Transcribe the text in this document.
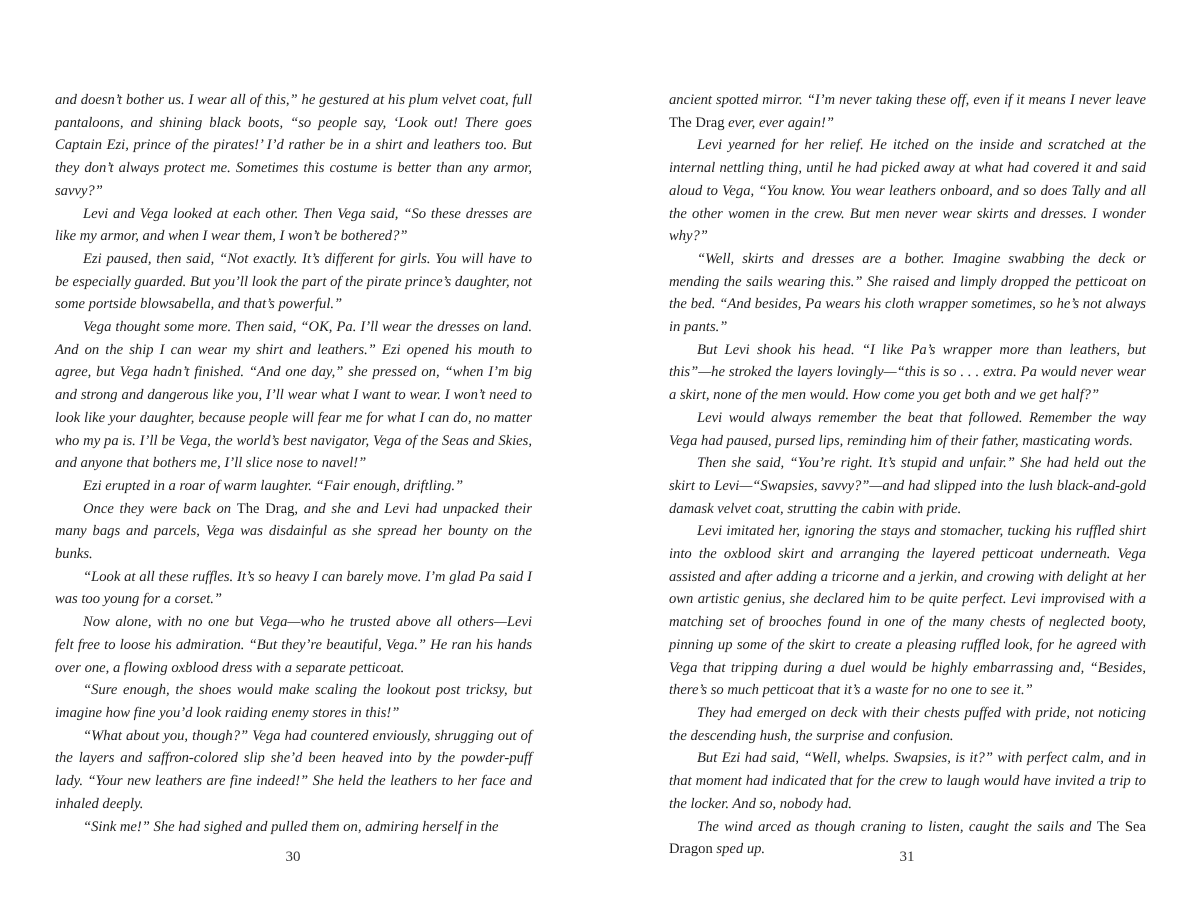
and doesn’t bother us. I wear all of this,” he gestured at his plum velvet coat, full pantaloons, and shining black boots, “so people say, ‘Look out! There goes Captain Ezi, prince of the pirates!’ I’d rather be in a shirt and leathers too. But they don’t always protect me. Sometimes this costume is better than any armor, savvy?”

Levi and Vega looked at each other. Then Vega said, “So these dresses are like my armor, and when I wear them, I won’t be bothered?”

Ezi paused, then said, “Not exactly. It’s different for girls. You will have to be especially guarded. But you’ll look the part of the pirate prince’s daughter, not some portside blowsabella, and that’s powerful.”

Vega thought some more. Then said, “OK, Pa. I’ll wear the dresses on land. And on the ship I can wear my shirt and leathers.” Ezi opened his mouth to agree, but Vega hadn’t finished. “And one day,” she pressed on, “when I’m big and strong and dangerous like you, I’ll wear what I want to wear. I won’t need to look like your daughter, because people will fear me for what I can do, no matter who my pa is. I’ll be Vega, the world’s best navigator, Vega of the Seas and Skies, and anyone that bothers me, I’ll slice nose to navel!”

Ezi erupted in a roar of warm laughter. “Fair enough, driftling.”

Once they were back on The Drag, and she and Levi had unpacked their many bags and parcels, Vega was disdainful as she spread her bounty on the bunks.

“Look at all these ruffles. It’s so heavy I can barely move. I’m glad Pa said I was too young for a corset.”

Now alone, with no one but Vega—who he trusted above all others—Levi felt free to loose his admiration. “But they’re beautiful, Vega.” He ran his hands over one, a flowing oxblood dress with a separate petticoat.

“Sure enough, the shoes would make scaling the lookout post tricksy, but imagine how fine you’d look raiding enemy stores in this!”

“What about you, though?” Vega had countered enviously, shrugging out of the layers and saffron-colored slip she’d been heaved into by the powder-puff lady. “Your new leathers are fine indeed!” She held the leathers to her face and inhaled deeply.

“Sink me!” She had sighed and pulled them on, admiring herself in the

ancient spotted mirror. “I’m never taking these off, even if it means I never leave The Drag ever, ever again!”

Levi yearned for her relief. He itched on the inside and scratched at the internal nettling thing, until he had picked away at what had covered it and said aloud to Vega, “You know. You wear leathers onboard, and so does Tally and all the other women in the crew. But men never wear skirts and dresses. I wonder why?”

“Well, skirts and dresses are a bother. Imagine swabbing the deck or mending the sails wearing this.” She raised and limply dropped the petticoat on the bed. “And besides, Pa wears his cloth wrapper sometimes, so he’s not always in pants.”

But Levi shook his head. “I like Pa’s wrapper more than leathers, but this”—he stroked the layers lovingly—“this is so . . . extra. Pa would never wear a skirt, none of the men would. How come you get both and we get half?”

Levi would always remember the beat that followed. Remember the way Vega had paused, pursed lips, reminding him of their father, masticating words.

Then she said, “You’re right. It’s stupid and unfair.” She had held out the skirt to Levi—“Swapsies, savvy?”—and had slipped into the lush black-and-gold damask velvet coat, strutting the cabin with pride.

Levi imitated her, ignoring the stays and stomacher, tucking his ruffled shirt into the oxblood skirt and arranging the layered petticoat underneath. Vega assisted and after adding a tricorne and a jerkin, and crowing with delight at her own artistic genius, she declared him to be quite perfect. Levi improvised with a matching set of brooches found in one of the many chests of neglected booty, pinning up some of the skirt to create a pleasing ruffled look, for he agreed with Vega that tripping during a duel would be highly embarrassing and, “Besides, there’s so much petticoat that it’s a waste for no one to see it.”

They had emerged on deck with their chests puffed with pride, not noticing the descending hush, the surprise and confusion.

But Ezi had said, “Well, whelps. Swapsies, is it?” with perfect calm, and in that moment had indicated that for the crew to laugh would have invited a trip to the locker. And so, nobody had.

The wind arced as though craning to listen, caught the sails and The Sea Dragon sped up.

30	31
